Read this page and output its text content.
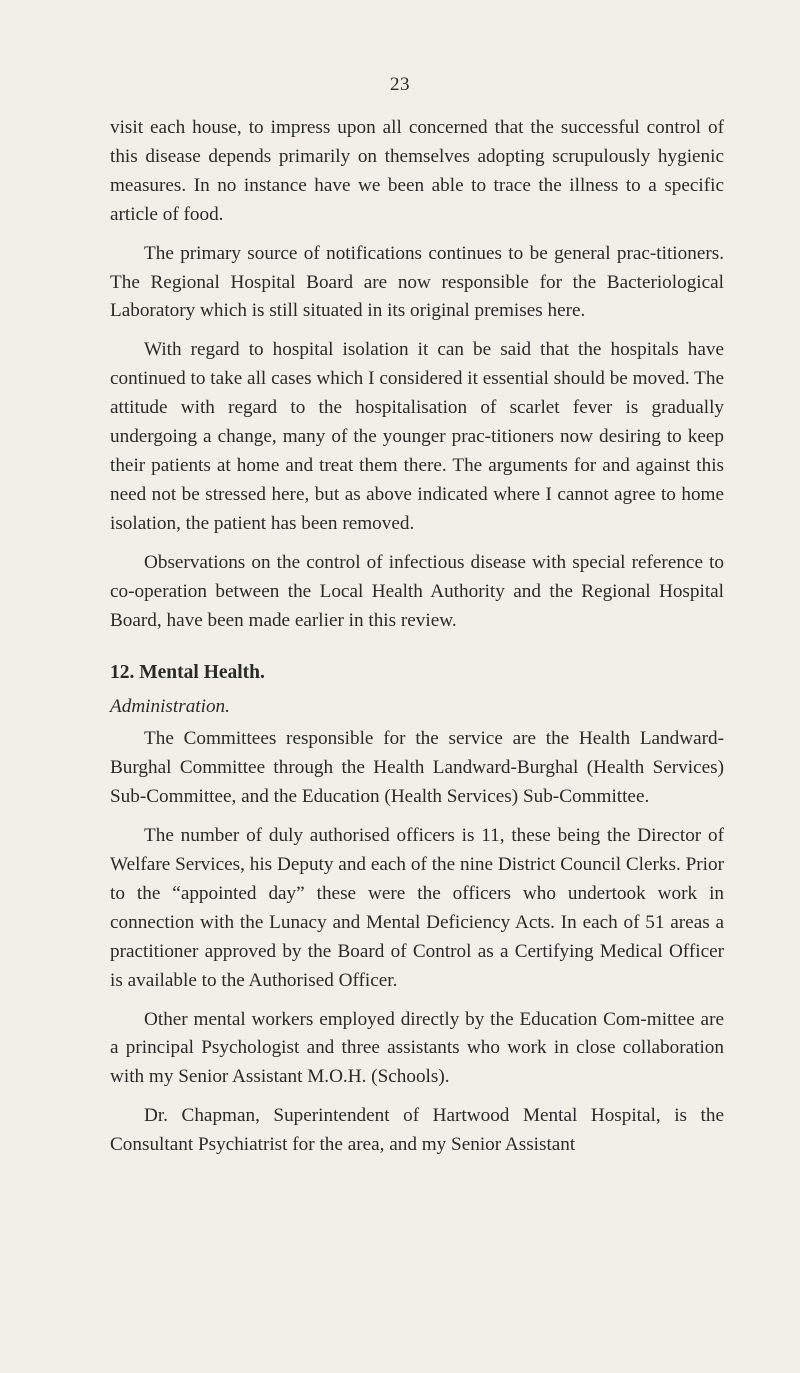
23

visit each house, to impress upon all concerned that the successful control of this disease depends primarily on themselves adopting scrupulously hygienic measures. In no instance have we been able to trace the illness to a specific article of food.

The primary source of notifications continues to be general prac-titioners. The Regional Hospital Board are now responsible for the Bacteriological Laboratory which is still situated in its original premises here.

With regard to hospital isolation it can be said that the hospitals have continued to take all cases which I considered it essential should be moved. The attitude with regard to the hospitalisation of scarlet fever is gradually undergoing a change, many of the younger prac-titioners now desiring to keep their patients at home and treat them there. The arguments for and against this need not be stressed here, but as above indicated where I cannot agree to home isolation, the patient has been removed.

Observations on the control of infectious disease with special reference to co-operation between the Local Health Authority and the Regional Hospital Board, have been made earlier in this review.

12. Mental Health.
Administration.

The Committees responsible for the service are the Health Landward-Burghal Committee through the Health Landward-Burghal (Health Services) Sub-Committee, and the Education (Health Services) Sub-Committee.

The number of duly authorised officers is 11, these being the Director of Welfare Services, his Deputy and each of the nine District Council Clerks. Prior to the “appointed day” these were the officers who undertook work in connection with the Lunacy and Mental Deficiency Acts. In each of 51 areas a practitioner approved by the Board of Control as a Certifying Medical Officer is available to the Authorised Officer.

Other mental workers employed directly by the Education Com-mittee are a principal Psychologist and three assistants who work in close collaboration with my Senior Assistant M.O.H. (Schools).

Dr. Chapman, Superintendent of Hartwood Mental Hospital, is the Consultant Psychiatrist for the area, and my Senior Assistant
